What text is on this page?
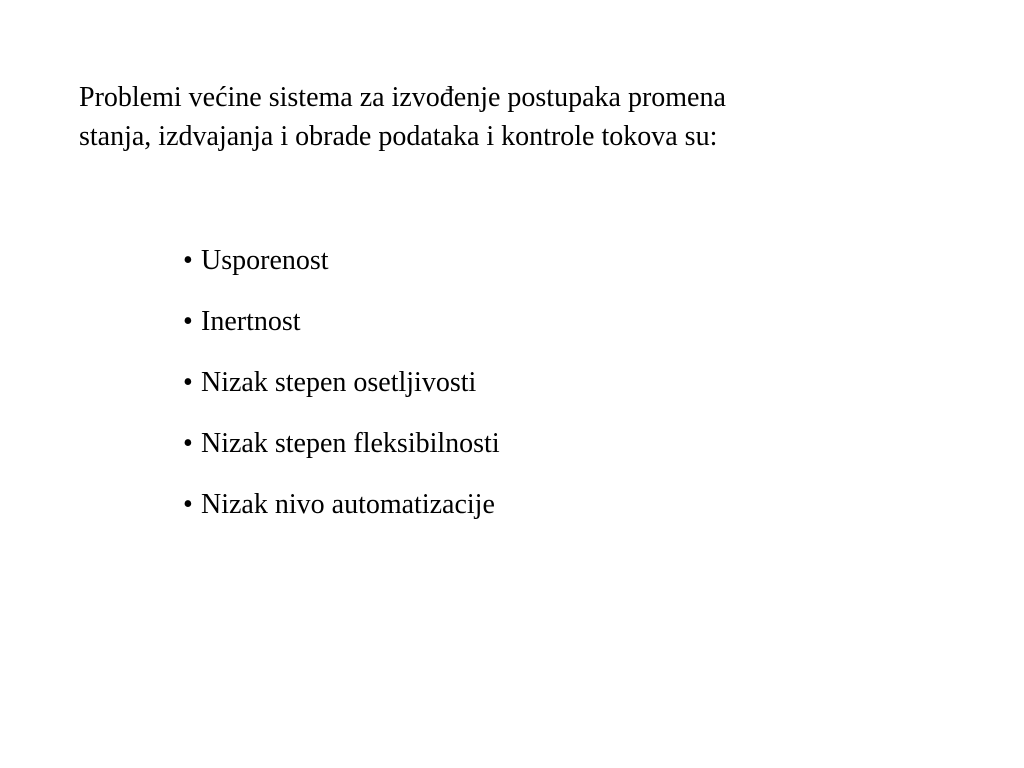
Problemi većine sistema za izvođenje postupaka promena
stanja, izdvajanja i obrade podataka i kontrole tokova su:

• Usporenost
• Inertnost
• Nizak stepen osetljivosti
• Nizak stepen fleksibilnosti
• Nizak nivo automatizacije
